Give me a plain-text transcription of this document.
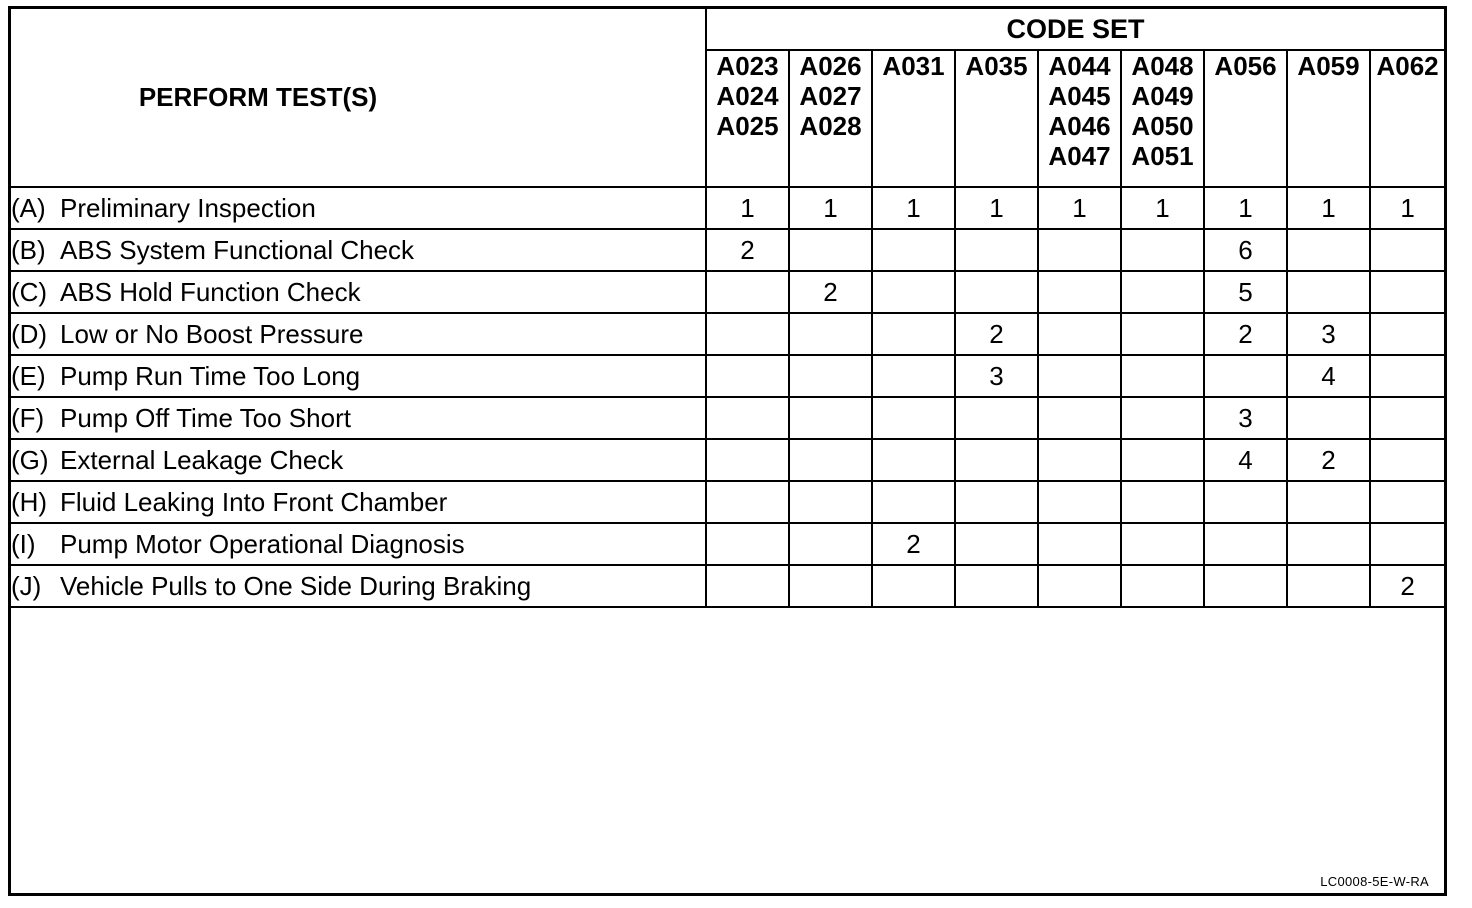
PERFORM TEST(S)	CODE SET								
	A023
A024
A025	A026
A027
A028	A031	A035	A044
A045
A046
A047	A048
A049
A050
A051	A056	A059	A062
(A) Preliminary Inspection	1	1	1	1	1	1	1	1	1
(B) ABS System Functional Check	2						6		
(C) ABS Hold Function Check		2					5		
(D) Low or No Boost Pressure				2			2	3	
(E) Pump Run Time Too Long				3				4	
(F) Pump Off Time Too Short							3		
(G) External Leakage Check							4	2	
(H) Fluid Leaking Into Front Chamber									
(I) Pump Motor Operational Diagnosis			2						
(J) Vehicle Pulls to One Side During Braking									2
LC0008-5E-W-RA
